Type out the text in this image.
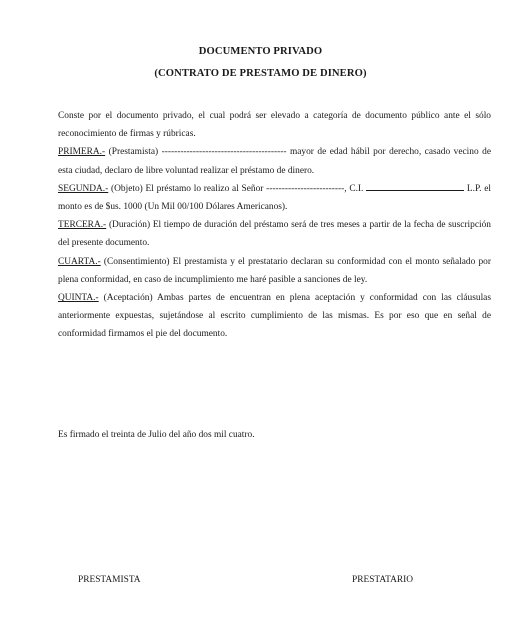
DOCUMENTO PRIVADO
(CONTRATO DE PRESTAMO DE DINERO)

Conste por el documento privado, el cual podrá ser elevado a categoría de documento público ante el sólo reconocimiento de firmas y rúbricas.

PRIMERA.- (Prestamista) ---------------------------------------- mayor de edad hábil por derecho, casado vecino de esta ciudad, declaro de libre voluntad realizar el préstamo de dinero.

SEGUNDA.- (Objeto) El préstamo lo realizo al Señor -------------------------, C.I.	L.P. el monto es de $us. 1000 (Un Mil 00/100 Dólares Americanos).

TERCERA.- (Duración) El tiempo de duración del préstamo será de tres meses a partir de la fecha de suscripción del presente documento.

CUARTA.- (Consentimiento) El prestamista y el prestatario declaran su conformidad con el monto señalado por plena conformidad, en caso de incumplimiento me haré pasible a sanciones de ley.

QUINTA.- (Aceptación) Ambas partes de encuentran en plena aceptación y conformidad con las cláusulas anteriormente expuestas, sujetándose al escrito cumplimiento de las mismas. Es por eso que en señal de conformidad firmamos el pie del documento.

Es firmado el treinta de Julio del año dos mil cuatro.
PRESTAMISTA	PRESTATARIO
